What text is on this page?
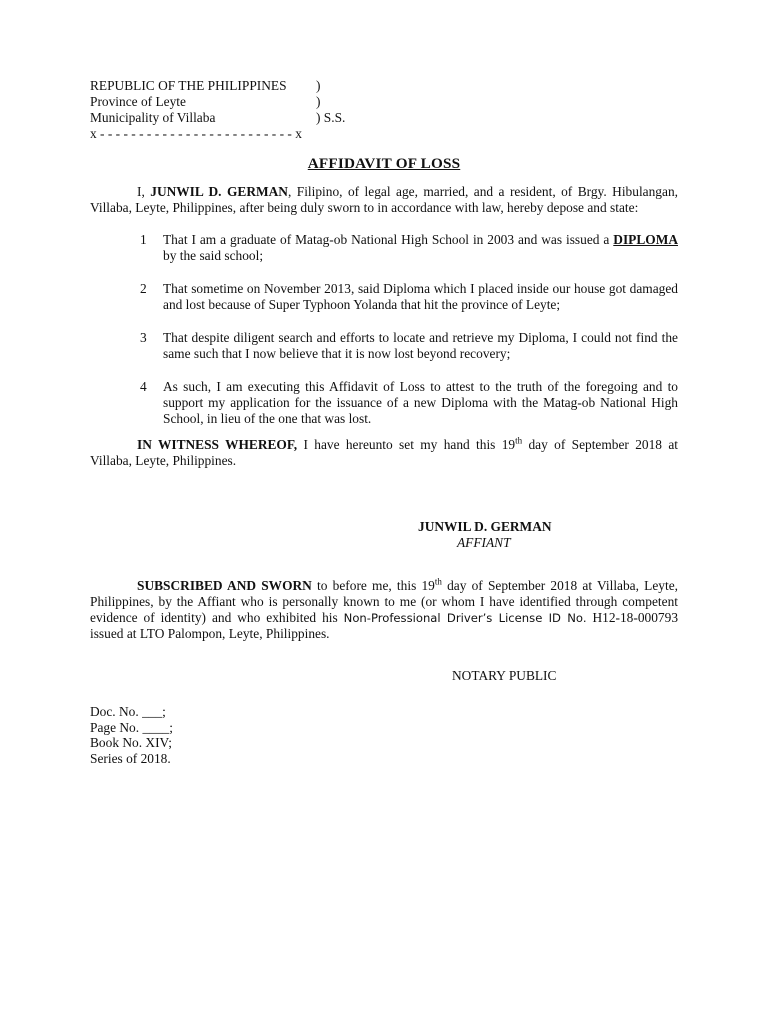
REPUBLIC OF THE PHILIPPINES )
Province of Leyte	)
Municipality of Villaba	) S.S.
x - - - - - - - - - - - - - - - - - - - - - - - - - x
AFFIDAVIT OF LOSS

I, JUNWIL D. GERMAN, Filipino, of legal age, married, and a resident, of Brgy. Hibulangan, Villaba, Leyte, Philippines, after being duly sworn to in accordance with law, hereby depose and state:

1 That I am a graduate of Matag-ob National High School in 2003 and was issued a DIPLOMA by the said school;
2 That sometime on November 2013, said Diploma which I placed inside our house got damaged and lost because of Super Typhoon Yolanda that hit the province of Leyte;
3 That despite diligent search and efforts to locate and retrieve my Diploma, I could not find the same such that I now believe that it is now lost beyond recovery;
4 As such, I am executing this Affidavit of Loss to attest to the truth of the foregoing and to support my application for the issuance of a new Diploma with the Matag-ob National High School, in lieu of the one that was lost.

IN WITNESS WHEREOF, I have hereunto set my hand this 19th day of September 2018 at Villaba, Leyte, Philippines.

JUNWIL D. GERMAN
AFFIANT

SUBSCRIBED AND SWORN to before me, this 19th day of September 2018 at Villaba, Leyte, Philippines, by the Affiant who is personally known to me (or whom I have identified through competent evidence of identity) and who exhibited his Non-Professional Driver’s License ID No. H12-18-000793 issued at LTO Palompon, Leyte, Philippines.

NOTARY PUBLIC
Doc. No. ___;
Page No. ____;
Book No. XIV;
Series of 2018.
